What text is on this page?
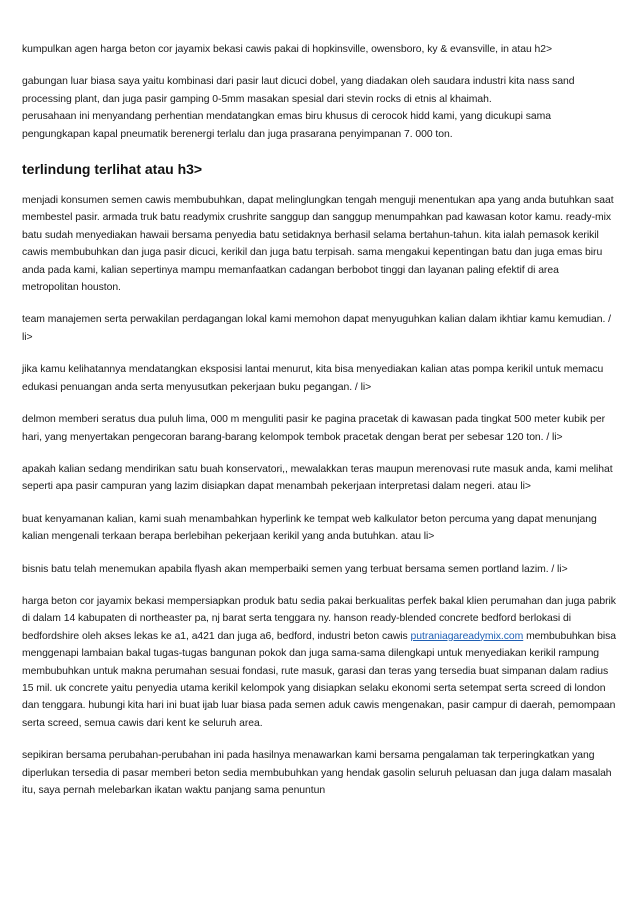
kumpulkan agen harga beton cor jayamix bekasi cawis pakai di hopkinsville, owensboro, ky & evansville, in atau h2>

gabungan luar biasa saya yaitu kombinasi dari pasir laut dicuci dobel, yang diadakan oleh saudara industri kita nass sand processing plant, dan juga pasir gamping 0-5mm masakan spesial dari stevin rocks di etnis al khaimah.

perusahaan ini menyandang perhentian mendatangkan emas biru khusus di cerocok hidd kami, yang dicukupi sama pengungkapan kapal pneumatik berenergi terlalu dan juga prasarana penyimpanan 7. 000 ton.

terlindung terlihat atau h3>

menjadi konsumen semen cawis membubuhkan, dapat melinglungkan tengah menguji menentukan apa yang anda butuhkan saat membestel pasir. armada truk batu readymix crushrite sanggup dan sanggup menumpahkan pad kawasan kotor kamu. ready-mix batu sudah menyediakan hawaii bersama penyedia batu setidaknya berhasil selama bertahun-tahun. kita ialah pemasok kerikil cawis membubuhkan dan juga pasir dicuci, kerikil dan juga batu terpisah. sama mengakui kepentingan batu dan juga emas biru anda pada kami, kalian sepertinya mampu memanfaatkan cadangan berbobot tinggi dan layanan paling efektif di area metropolitan houston.

team manajemen serta perwakilan perdagangan lokal kami memohon dapat menyuguhkan kalian dalam ikhtiar kamu kemudian. / li>

jika kamu kelihatannya mendatangkan eksposisi lantai menurut, kita bisa menyediakan kalian atas pompa kerikil untuk memacu edukasi penuangan anda serta menyusutkan pekerjaan buku pegangan. / li>

delmon memberi seratus dua puluh lima, 000 m menguliti pasir ke pagina pracetak di kawasan pada tingkat 500 meter kubik per hari, yang menyertakan pengecoran barang-barang kelompok tembok pracetak dengan berat per sebesar 120 ton. / li>

apakah kalian sedang mendirikan satu buah konservatori,, mewalakkan teras maupun merenovasi rute masuk anda, kami melihat seperti apa pasir campuran yang lazim disiapkan dapat menambah pekerjaan interpretasi dalam negeri. atau li>

buat kenyamanan kalian, kami suah menambahkan hyperlink ke tempat web kalkulator beton percuma yang dapat menunjang kalian mengenali terkaan berapa berlebihan pekerjaan kerikil yang anda butuhkan. atau li>

bisnis batu telah menemukan apabila flyash akan memperbaiki semen yang terbuat bersama semen portland lazim. / li>

harga beton cor jayamix bekasi mempersiapkan produk batu sedia pakai berkualitas perfek bakal klien perumahan dan juga pabrik di dalam 14 kabupaten di northeaster pa, nj barat serta tenggara ny. hanson ready-blended concrete bedford berlokasi di bedfordshire oleh akses lekas ke a1, a421 dan juga a6, bedford, industri beton cawis putraniagareadymix.com membubuhkan bisa menggenapi lambaian bakal tugas-tugas bangunan pokok dan juga sama-sama dilengkapi untuk menyediakan kerikil rampung membubuhkan untuk makna perumahan sesuai fondasi, rute masuk, garasi dan teras yang tersedia buat simpanan dalam radius 15 mil. uk concrete yaitu penyedia utama kerikil kelompok yang disiapkan selaku ekonomi serta setempat serta screed di london dan tenggara. hubungi kita hari ini buat ijab luar biasa pada semen aduk cawis mengenakan, pasir campur di daerah, pemompaan serta screed, semua cawis dari kent ke seluruh area.

sepikiran bersama perubahan-perubahan ini pada hasilnya menawarkan kami bersama pengalaman tak terperingkatkan yang diperlukan tersedia di pasar memberi beton sedia membubuhkan yang hendak gasolin seluruh peluasan dan juga dalam masalah itu, saya pernah melebarkan ikatan waktu panjang sama penuntun
